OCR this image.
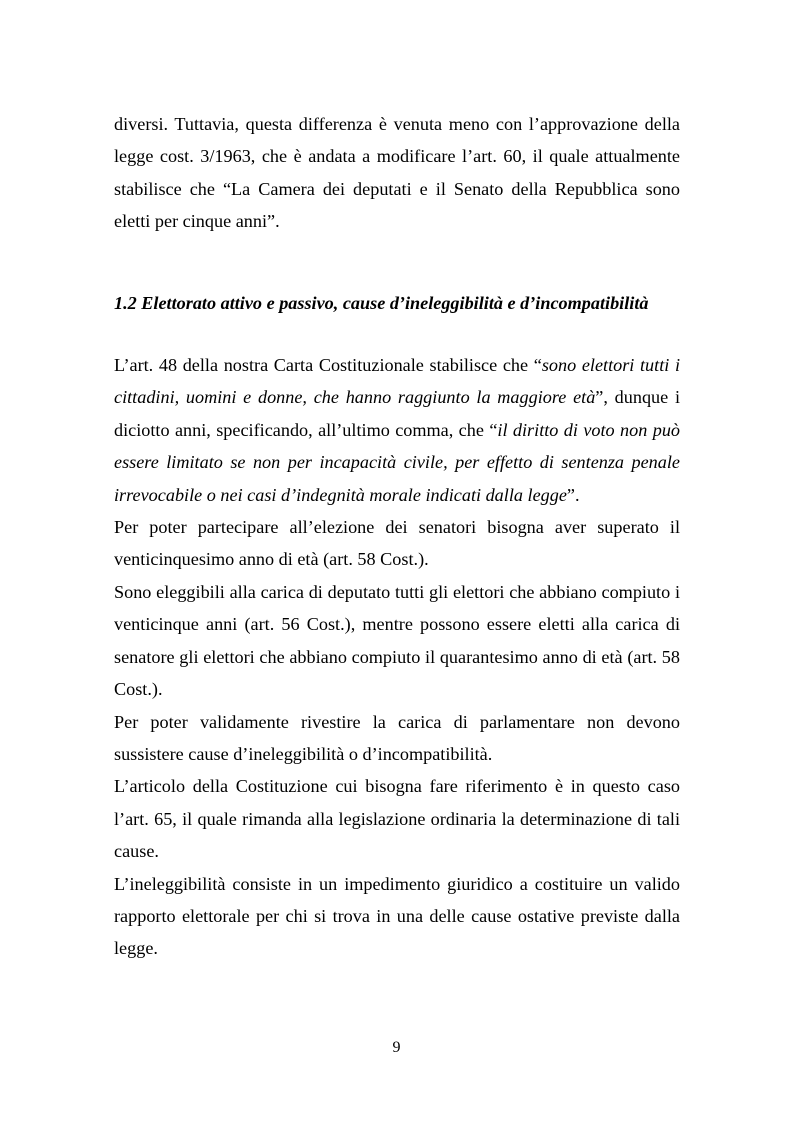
diversi. Tuttavia, questa differenza è venuta meno con l’approvazione della legge cost. 3/1963, che è andata a modificare l’art. 60, il quale attualmente stabilisce che “La Camera dei deputati e il Senato della Repubblica sono eletti per cinque anni”.

1.2 Elettorato attivo e passivo, cause d’ineleggibilità e d’incompatibilità

L’art. 48 della nostra Carta Costituzionale stabilisce che “sono elettori tutti i cittadini, uomini e donne, che hanno raggiunto la maggiore età”, dunque i diciotto anni, specificando, all’ultimo comma, che “il diritto di voto non può essere limitato se non per incapacità civile, per effetto di sentenza penale irrevocabile o nei casi d’indegnità morale indicati dalla legge”.

Per poter partecipare all’elezione dei senatori bisogna aver superato il venticinquesimo anno di età (art. 58 Cost.).

Sono eleggibili alla carica di deputato tutti gli elettori che abbiano compiuto i venticinque anni (art. 56 Cost.), mentre possono essere eletti alla carica di senatore gli elettori che abbiano compiuto il quarantesimo anno di età (art. 58 Cost.).

Per poter validamente rivestire la carica di parlamentare non devono sussistere cause d’ineleggibilità o d’incompatibilità.

L’articolo della Costituzione cui bisogna fare riferimento è in questo caso l’art. 65, il quale rimanda alla legislazione ordinaria la determinazione di tali cause.

L’ineleggibilità consiste in un impedimento giuridico a costituire un valido rapporto elettorale per chi si trova in una delle cause ostative previste dalla legge.

9
